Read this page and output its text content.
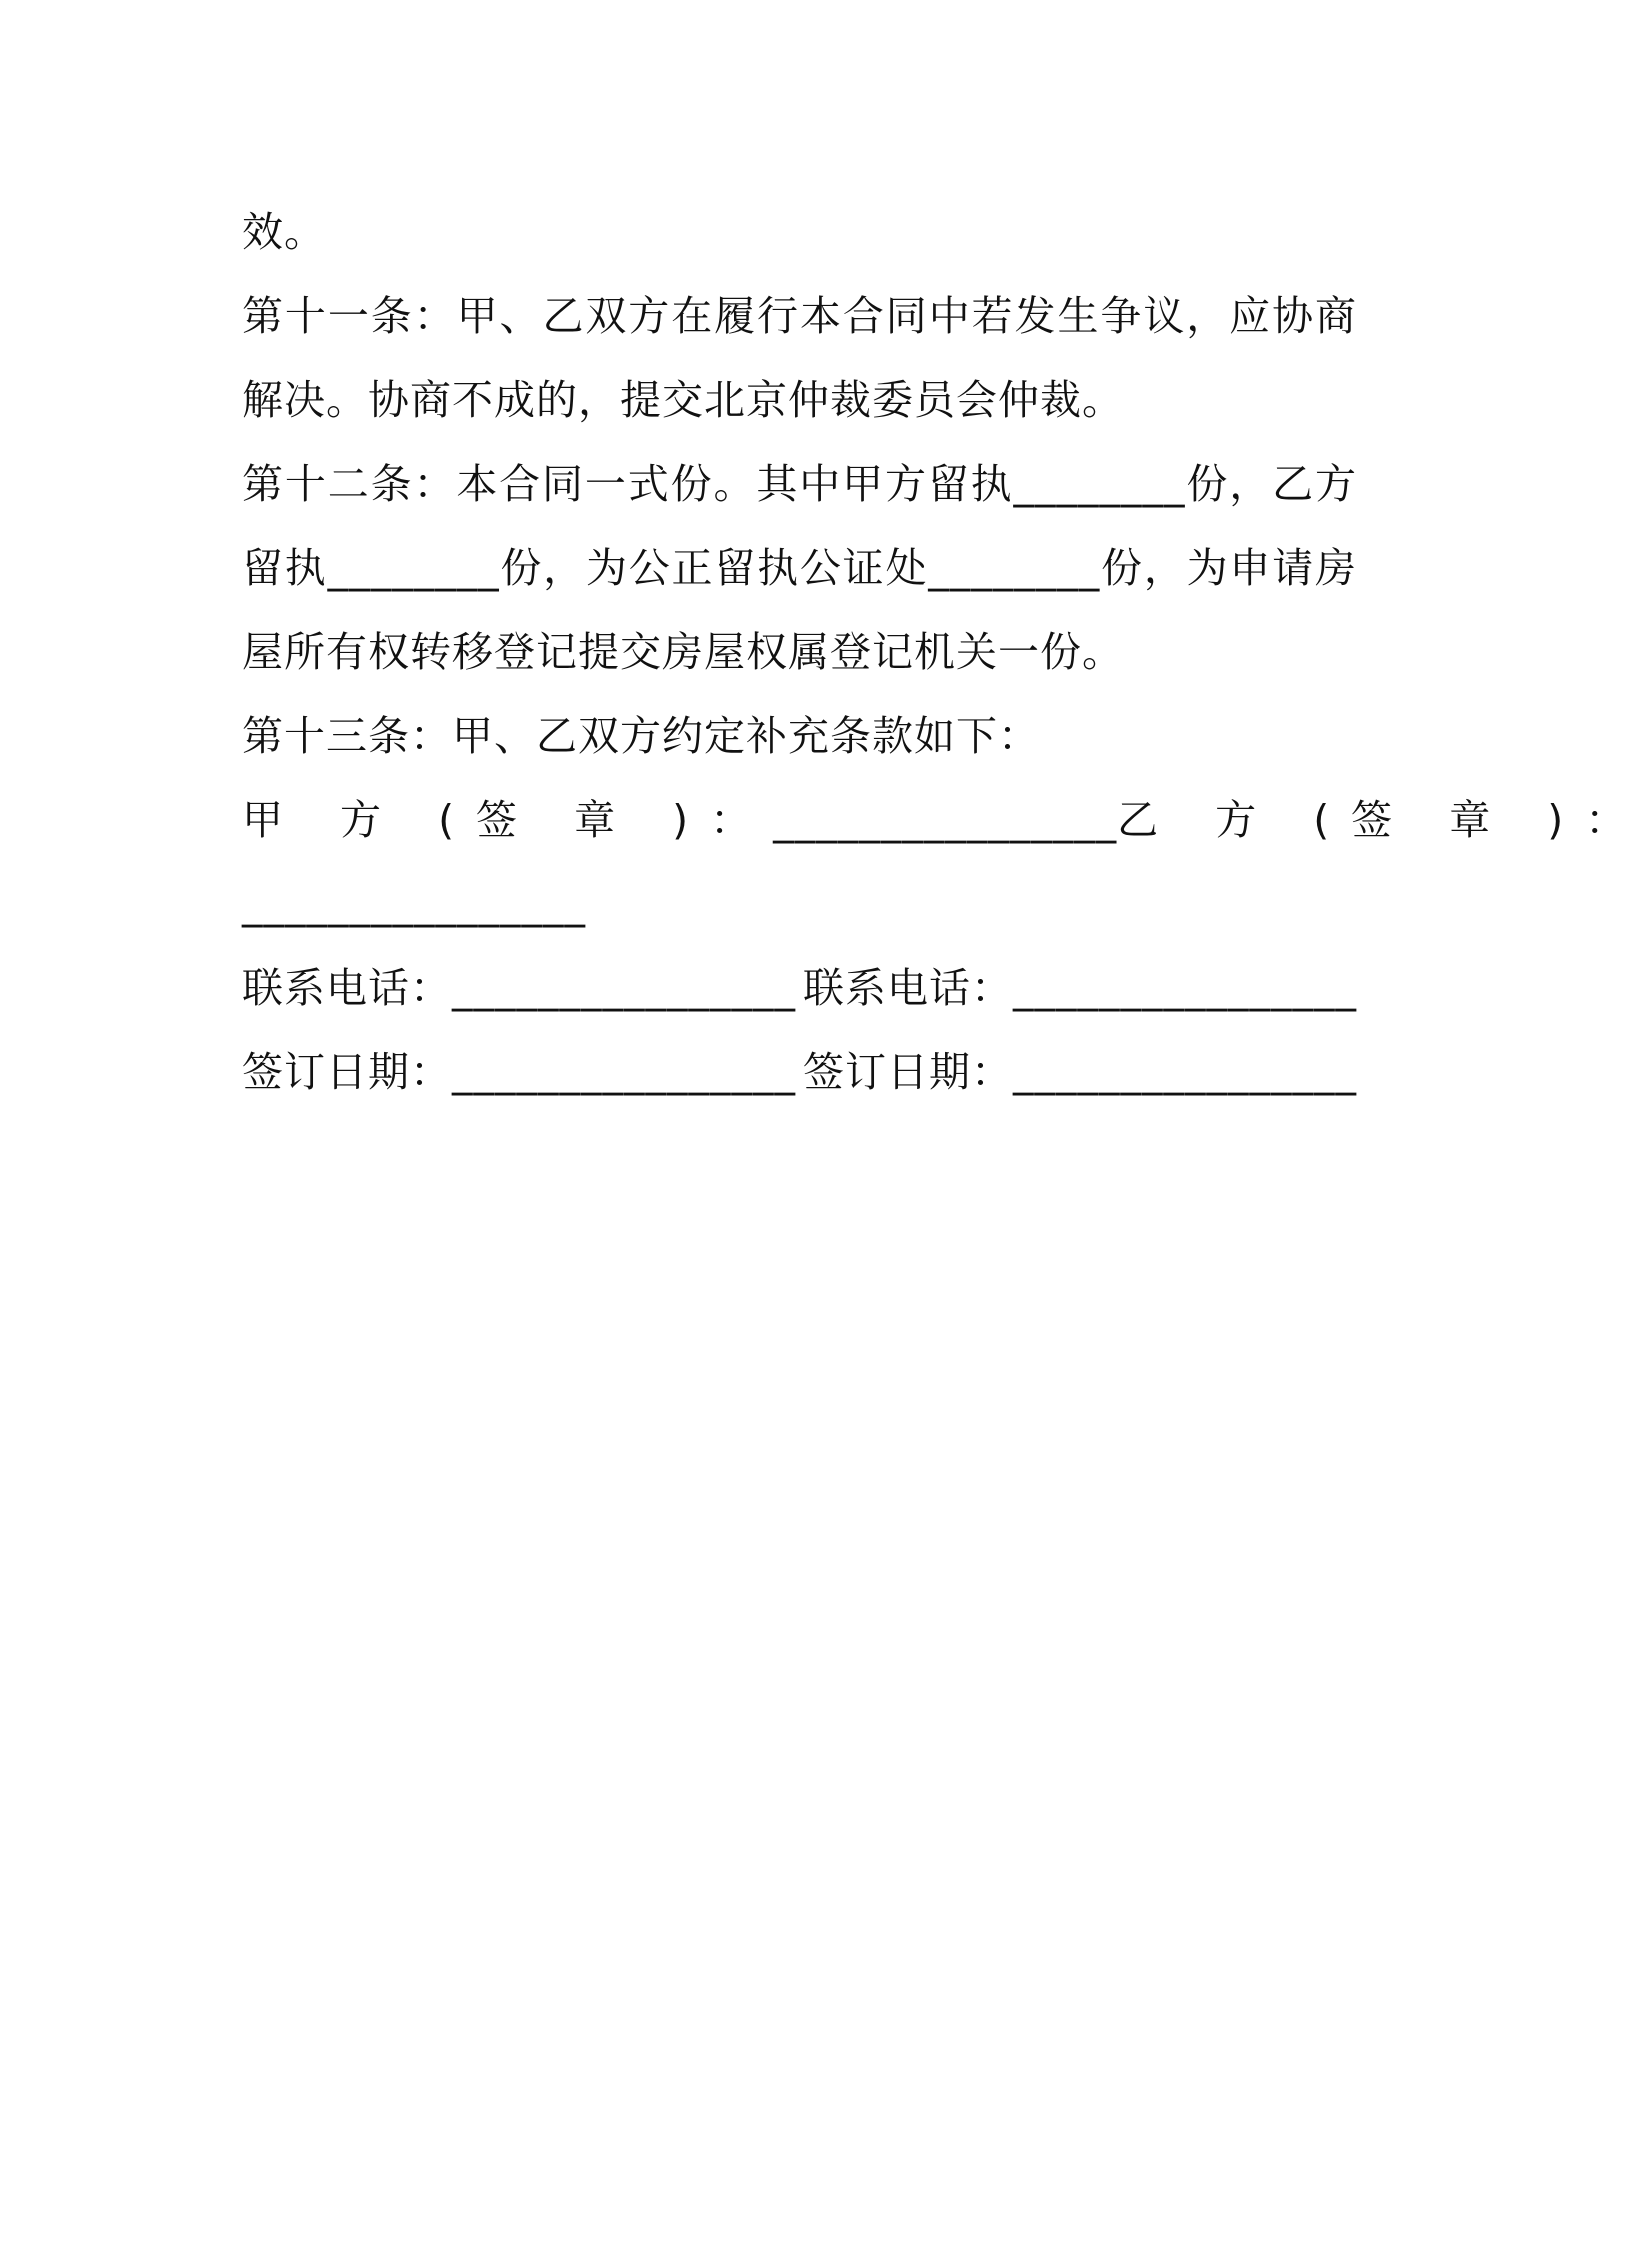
效。

第十一条：甲、乙双方在履行本合同中若发生争议，应协商解决。协商不成的，提交北京仲裁委员会仲裁。

第十二条：本合同一式份。其中甲方留执________份，乙方留执________份，为公正留执公证处________份，为申请房屋所有权转移登记提交房屋权属登记机关一份。

第十三条：甲、乙双方约定补充条款如下：

甲 方 (签 章 )： ________________ 乙 方 (签 章 )：
________________
联系电话：________________ 联系电话：________________
签订日期：________________ 签订日期：________________
